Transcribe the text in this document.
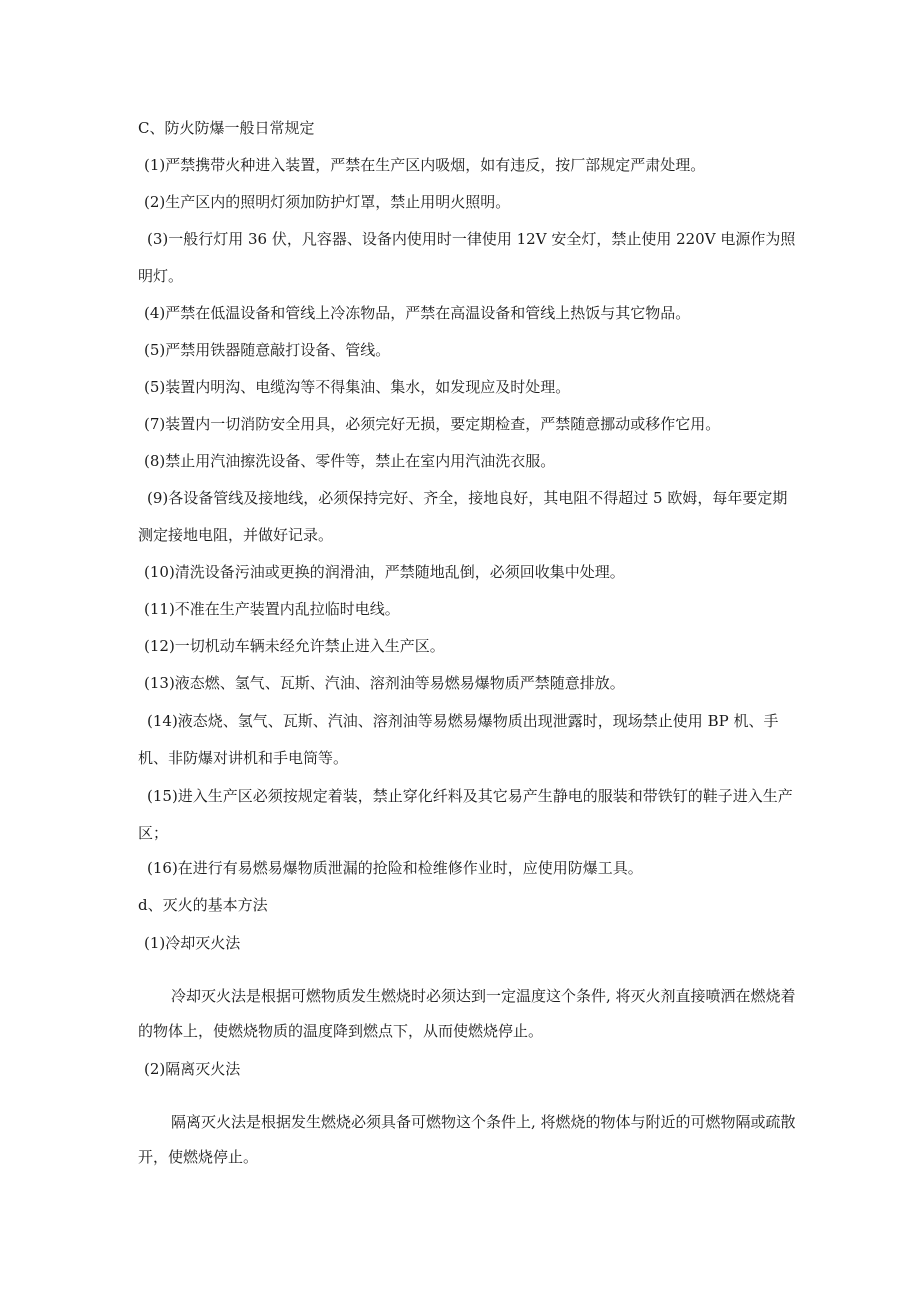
C、防火防爆一般日常规定
(1)严禁携带火种进入装置，严禁在生产区内吸烟，如有违反，按厂部规定严肃处理。
(2)生产区内的照明灯须加防护灯罩，禁止用明火照明。
(3)一般行灯用 36 伏，凡容器、设备内使用时一律使用 12V 安全灯，禁止使用 220V 电源作为照
明灯。
(4)严禁在低温设备和管线上冷冻物品，严禁在高温设备和管线上热饭与其它物品。
(5)严禁用铁器随意敲打设备、管线。
(5)装置内明沟、电缆沟等不得集油、集水，如发现应及时处理。
(7)装置内一切消防安全用具，必须完好无损，要定期检查，严禁随意挪动或移作它用。
(8)禁止用汽油擦洗设备、零件等，禁止在室内用汽油洗衣服。
(9)各设备管线及接地线，必须保持完好、齐全，接地良好，其电阻不得超过 5 欧姆，每年要定期
测定接地电阻，并做好记录。
(10)清洗设备污油或更换的润滑油，严禁随地乱倒，必须回收集中处理。
(11)不准在生产装置内乱拉临时电线。
(12)一切机动车辆未经允许禁止进入生产区。
(13)液态燃、氢气、瓦斯、汽油、溶剂油等易燃易爆物质严禁随意排放。
(14)液态烧、氢气、瓦斯、汽油、溶剂油等易燃易爆物质出现泄露时，现场禁止使用 BP 机、手
机、非防爆对讲机和手电筒等。
(15)进入生产区必须按规定着装，禁止穿化纤料及其它易产生静电的服装和带铁钉的鞋子进入生产
区；
(16)在进行有易燃易爆物质泄漏的抢险和检维修作业时，应使用防爆工具。
d、灭火的基本方法
(1)冷却灭火法
冷却灭火法是根据可燃物质发生燃烧时必须达到一定温度这个条件, 将灭火剂直接喷洒在燃烧着
的物体上，使燃烧物质的温度降到燃点下，从而使燃烧停止。
(2)隔离灭火法
隔离灭火法是根据发生燃烧必须具备可燃物这个条件上, 将燃烧的物体与附近的可燃物隔或疏散
开，使燃烧停止。
